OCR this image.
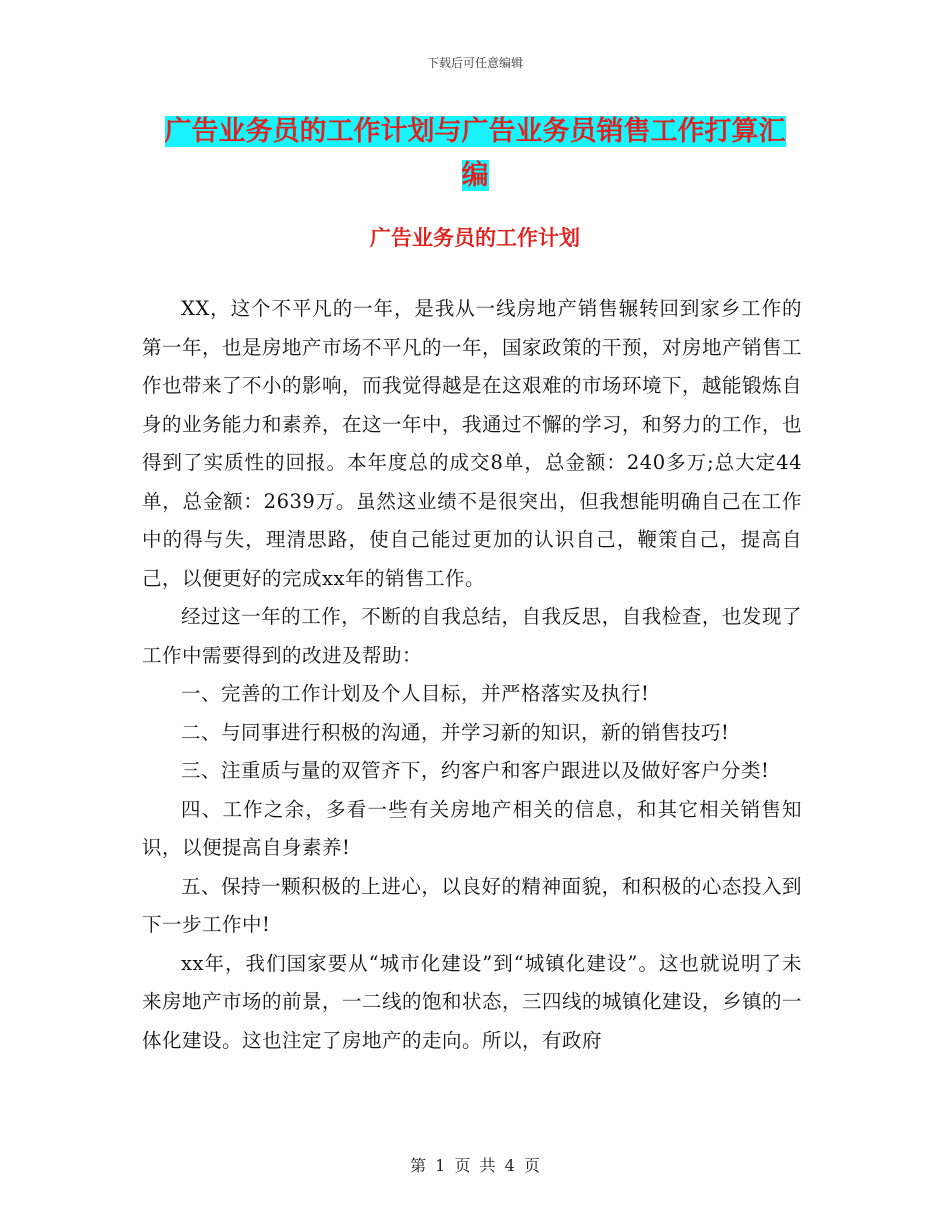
下载后可任意编辑
广告业务员的工作计划与广告业务员销售工作打算汇
编
广告业务员的工作计划

XX，这个不平凡的一年，是我从一线房地产销售辗转回到家乡工作的第一年，也是房地产市场不平凡的一年，国家政策的干预，对房地产销售工作也带来了不小的影响，而我觉得越是在这艰难的市场环境下，越能锻炼自身的业务能力和素养，在这一年中，我通过不懈的学习，和努力的工作，也得到了实质性的回报。本年度总的成交8单，总金额：240多万;总大定44单，总金额：2639万。虽然这业绩不是很突出，但我想能明确自己在工作中的得与失，理清思路，使自己能过更加的认识自己，鞭策自己，提高自己，以便更好的完成xx年的销售工作。

经过这一年的工作，不断的自我总结，自我反思，自我检查，也发现了工作中需要得到的改进及帮助：

一、完善的工作计划及个人目标，并严格落实及执行!

二、与同事进行积极的沟通，并学习新的知识，新的销售技巧!

三、注重质与量的双管齐下，约客户和客户跟进以及做好客户分类!

四、工作之余，多看一些有关房地产相关的信息，和其它相关销售知识，以便提高自身素养!

五、保持一颗积极的上进心，以良好的精神面貌，和积极的心态投入到下一步工作中!

xx年，我们国家要从“城市化建设”到“城镇化建设”。这也就说明了未来房地产市场的前景，一二线的饱和状态，三四线的城镇化建设，乡镇的一体化建设。这也注定了房地产的走向。所以，有政府

第 1 页 共 4 页
